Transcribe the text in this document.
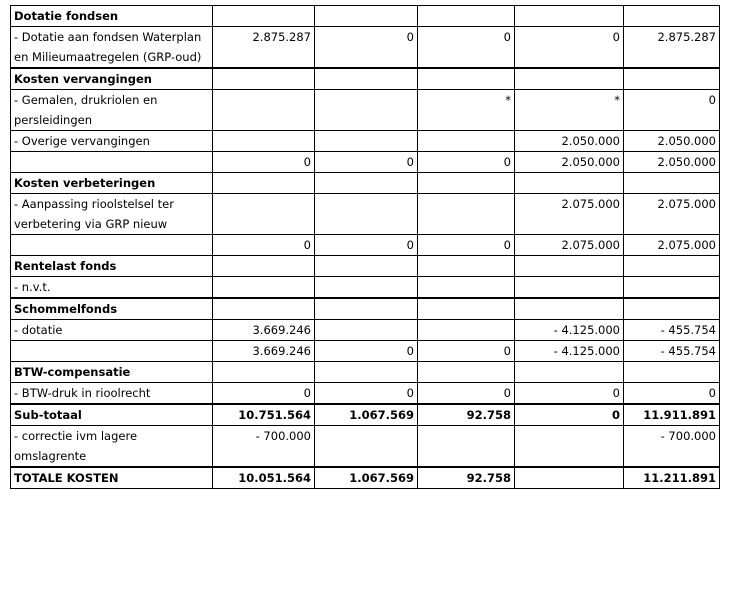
Dotatie fondsen					

- Dotatie aan fondsen Waterplan en Milieumaatregelen (GRP-oud)	2.875.287	0	0	0	2.875.287

Kosten vervangingen					

- Gemalen, drukriolen en persleidingen			*	*	0

- Overige vervangingen				2.050.000	2.050.000

	0	0	0	2.050.000	2.050.000

Kosten verbeteringen					

- Aanpassing rioolstelsel ter verbetering via GRP nieuw				2.075.000	2.075.000

	0	0	0	2.075.000	2.075.000

Rentelast fonds					

- n.v.t.					

Schommelfonds					

- dotatie	3.669.246			- 4.125.000	- 455.754

	3.669.246	0	0	- 4.125.000	- 455.754

BTW-compensatie					

- BTW-druk in rioolrecht	0	0	0	0	0

Sub-totaal	10.751.564	1.067.569	92.758	0	11.911.891

- correctie ivm lagere omslagrente	- 700.000				- 700.000

TOTALE KOSTEN	10.051.564	1.067.569	92.758		11.211.891
